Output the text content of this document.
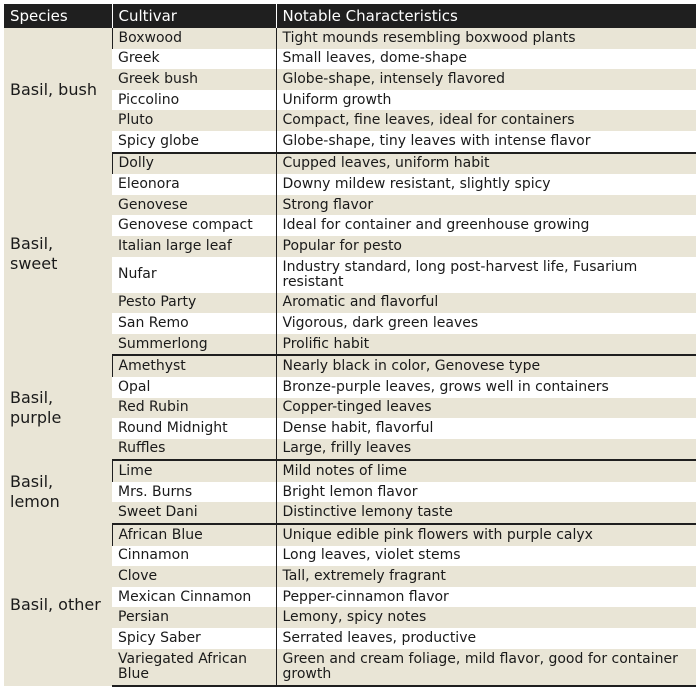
Species	Cultivar	Notable Characteristics
Basil, bush	Boxwood	Tight mounds resembling boxwood plants
	Greek	Small leaves, dome-shape
	Greek bush	Globe-shape, intensely flavored
	Piccolino	Uniform growth
	Pluto	Compact, fine leaves, ideal for containers
	Spicy globe	Globe-shape, tiny leaves with intense flavor
Basil, sweet	Dolly	Cupped leaves, uniform habit
	Eleonora	Downy mildew resistant, slightly spicy
	Genovese	Strong flavor
	Genovese compact	Ideal for container and greenhouse growing
	Italian large leaf	Popular for pesto
	Nufar	Industry standard, long post-harvest life, Fusarium resistant
	Pesto Party	Aromatic and flavorful
	San Remo	Vigorous, dark green leaves
	Summerlong	Prolific habit
Basil, purple	Amethyst	Nearly black in color, Genovese type
	Opal	Bronze-purple leaves, grows well in containers
	Red Rubin	Copper-tinged leaves
	Round Midnight	Dense habit, flavorful
	Ruffles	Large, frilly leaves
Basil, lemon	Lime	Mild notes of lime
	Mrs. Burns	Bright lemon flavor
	Sweet Dani	Distinctive lemony taste
Basil, other	African Blue	Unique edible pink flowers with purple calyx
	Cinnamon	Long leaves, violet stems
	Clove	Tall, extremely fragrant
	Mexican Cinnamon	Pepper-cinnamon flavor
	Persian	Lemony, spicy notes
	Spicy Saber	Serrated leaves, productive
	Variegated African Blue	Green and cream foliage, mild flavor, good for container growth
